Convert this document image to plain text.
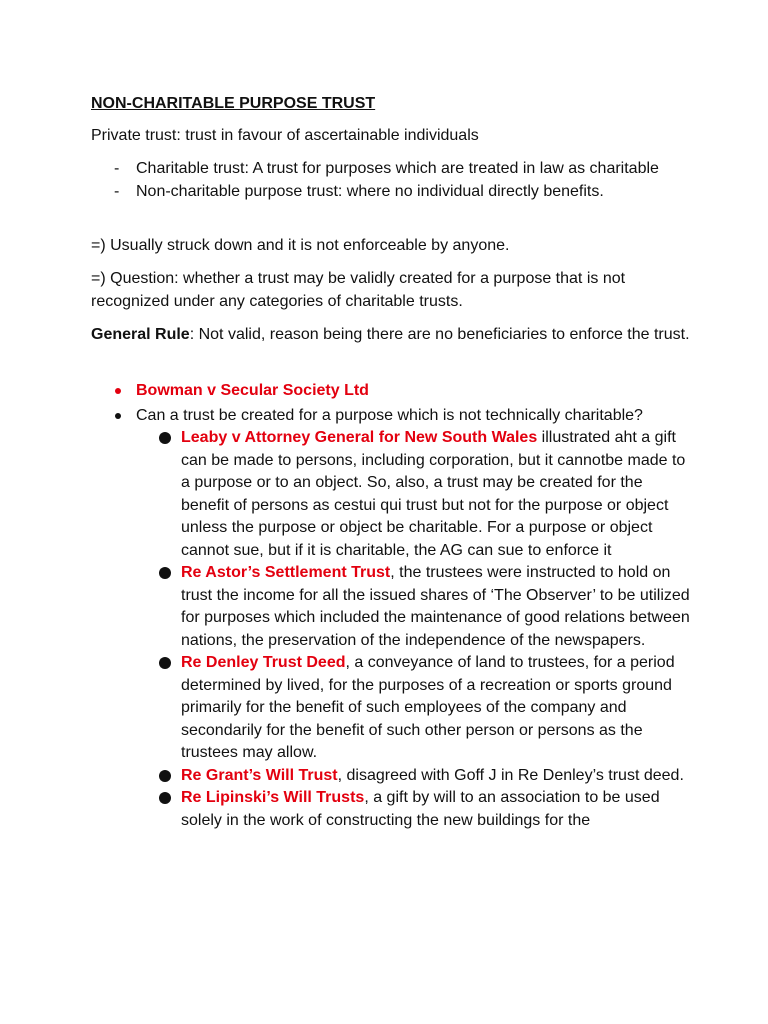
NON-CHARITABLE PURPOSE TRUST

Private trust: trust in favour of ascertainable individuals

- Charitable trust: A trust for purposes which are treated in law as charitable
- Non-charitable purpose trust: where no individual directly benefits.

=) Usually struck down and it is not enforceable by anyone.

=) Question: whether a trust may be validly created for a purpose that is not recognized under any categories of charitable trusts.

General Rule: Not valid, reason being there are no beneficiaries to enforce the trust.

Bowman v Secular Society Ltd
Can a trust be created for a purpose which is not technically charitable?
Leaby v Attorney General for New South Wales illustrated aht a gift can be made to persons, including corporation, but it cannotbe made to a purpose or to an object. So, also, a trust may be created for the benefit of persons as cestui qui trust but not for the purpose or object unless the purpose or object be charitable. For a purpose or object cannot sue, but if it is charitable, the AG can sue to enforce it
Re Astor’s Settlement Trust, the trustees were instructed to hold on trust the income for all the issued shares of ‘The Observer’ to be utilized for purposes which included the maintenance of good relations between nations, the preservation of the independence of the newspapers.
Re Denley Trust Deed, a conveyance of land to trustees, for a period determined by lived, for the purposes of a recreation or sports ground primarily for the benefit of such employees of the company and secondarily for the benefit of such other person or persons as the trustees may allow.
Re Grant’s Will Trust, disagreed with Goff J in Re Denley’s trust deed.
Re Lipinski’s Will Trusts, a gift by will to an association to be used solely in the work of constructing the new buildings for the
